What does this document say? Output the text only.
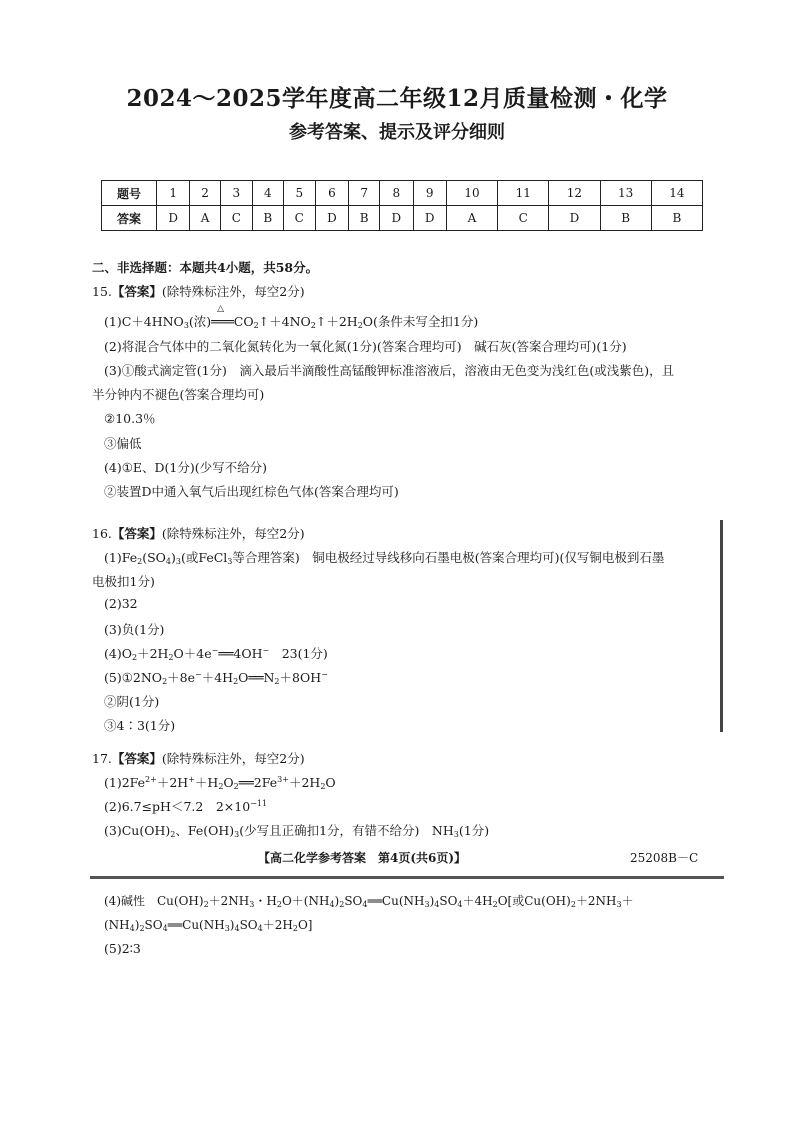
2024～2025学年度高二年级12月质量检测・化学
参考答案、提示及评分细则
题号	1	2	3	4	5	6	7	8	9	10	11	12	13	14
答案	D	A	C	B	C	D	B	D	D	A	C	D	B	B
二、非选择题：本题共4小题，共58分。
15.【答案】(除特殊标注外，每空2分)
$(1)C+4HNO_3$(浓)△ $═══CO_2↑+4NO_2↑+2H_2O$(条件未写全扣1分)
(2)将混合气体中的二氧化氮转化为一氧化氮(1分)(答案合理均可)　碱石灰(答案合理均可)(1分)
(3)①酸式滴定管(1分)　滴入最后半滴酸性高锰酸钾标准溶液后，溶液由无色变为浅红色(或浅紫色)，且
半分钟内不褪色(答案合理均可)
②10.3％
③偏低
(4)①E、D(1分)(少写不给分)
②装置D中通入氧气后出现红棕色气体(答案合理均可)
16.【答案】(除特殊标注外，每空2分)
$(1)Fe_2(SO_4)_3$(或FeCl$_3$等合理答案)　铜电极经过导线移向石墨电极(答案合理均可)(仅写铜电极到石墨
电极扣1分)
(2)32
(3)负(1分)
$(4)O_2+2H_2O+4e^-══4OH^-$　23(1分)
$(5)①2NO_2+8e^-+4H_2O══N_2+8OH^-$
②阴(1分)
③4∶3(1分)
17.【答案】(除特殊标注外，每空2分)
$(1)2Fe^{2+}+2H^++H_2O_2══2Fe^{3+}+2H_2O$
(2)6.7≤pH＜7.2　$2\times 10^{-11}$
$(3)Cu(OH)_2$、$Fe(OH)_3$(少写且正确扣1分，有错不给分)　$NH_3(1$分)
【高二化学参考答案　第4页(共6页)】	25208B－C
(4)碱性　$Cu(OH)_2+2NH_3$・$H_2O+(NH_4)_2SO_4══Cu(NH_3)_4SO_4+4H_2O$[或$Cu(OH)_2+2NH_3+$
$(NH_4)_2SO_4══Cu(NH_3)_4SO_4+2H_2O$]
(5)2∶3
